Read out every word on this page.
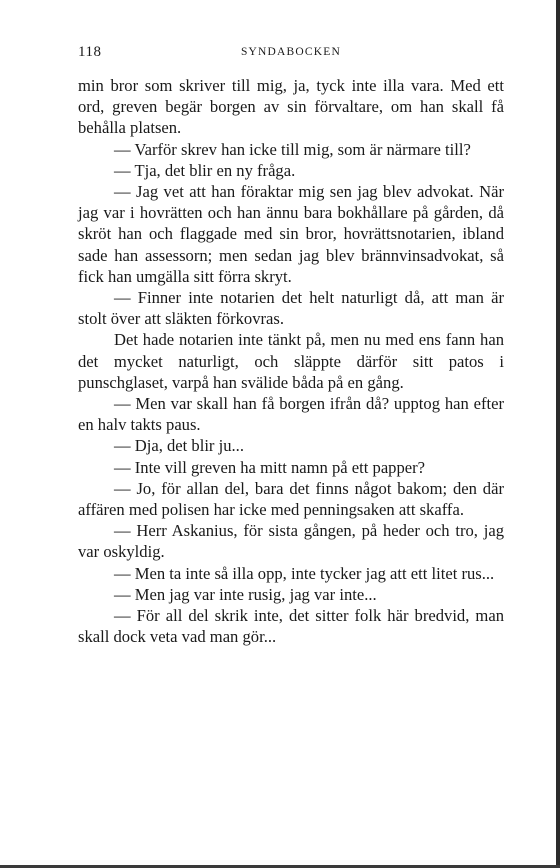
118	SYNDABOCKEN

min bror som skriver till mig, ja, tyck inte illa vara. Med ett ord, greven begär borgen av sin förvaltare, om han skall få behålla platsen.

— Varför skrev han icke till mig, som är närmare till?

— Tja, det blir en ny fråga.

— Jag vet att han föraktar mig sen jag blev advokat. När jag var i hovrätten och han ännu bara bokhållare på gården, då skröt han och flaggade med sin bror, hovrättsnotarien, ibland sade han assessorn; men sedan jag blev brännvinsadvokat, så fick han umgälla sitt förra skryt.

— Finner inte notarien det helt naturligt då, att man är stolt över att släkten förkovras.

Det hade notarien inte tänkt på, men nu med ens fann han det mycket naturligt, och släppte därför sitt patos i punschglaset, varpå han svälide båda på en gång.

— Men var skall han få borgen ifrån då? upptog han efter en halv takts paus.

— Dja, det blir ju...

— Inte vill greven ha mitt namn på ett papper?

— Jo, för allan del, bara det finns något bakom; den där affären med polisen har icke med penningsaken att skaffa.

— Herr Askanius, för sista gången, på heder och tro, jag var oskyldig.

— Men ta inte så illa opp, inte tycker jag att ett litet rus...

— Men jag var inte rusig, jag var inte...

— För all del skrik inte, det sitter folk här bredvid, man skall dock veta vad man gör...
